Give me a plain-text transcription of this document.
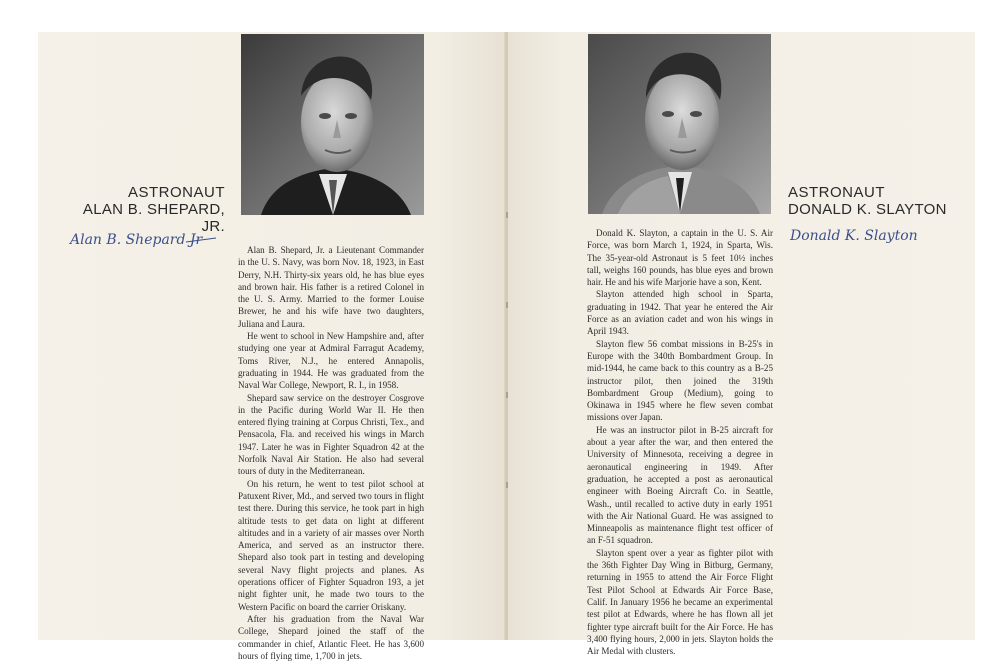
ASTRONAUT
ALAN B. SHEPARD, JR.
Alan B. Shepard Jr

Alan B. Shepard, Jr. a Lieutenant Commander in the U. S. Navy, was born Nov. 18, 1923, in East Derry, N.H. Thirty-six years old, he has blue eyes and brown hair. His father is a retired Colonel in the U. S. Army. Married to the former Louise Brewer, he and his wife have two daughters, Juliana and Laura.

He went to school in New Hampshire and, after studying one year at Admiral Farragut Academy, Toms River, N.J., he entered Annapolis, graduating in 1944. He was graduated from the Naval War College, Newport, R. I., in 1958.

Shepard saw service on the destroyer Cosgrove in the Pacific during World War II. He then entered flying training at Corpus Christi, Tex., and Pensacola, Fla. and received his wings in March 1947. Later he was in Fighter Squadron 42 at the Norfolk Naval Air Station. He also had several tours of duty in the Mediterranean.

On his return, he went to test pilot school at Patuxent River, Md., and served two tours in flight test there. During this service, he took part in high altitude tests to get data on light at different altitudes and in a variety of air masses over North America, and served as an instructor there. Shepard also took part in testing and developing several Navy flight projects and planes. As operations officer of Fighter Squadron 193, a jet night fighter unit, he made two tours to the Western Pacific on board the carrier Oriskany.

After his graduation from the Naval War College, Shepard joined the staff of the commander in chief, Atlantic Fleet. He has 3,600 hours of flying time, 1,700 in jets.

ASTRONAUT
DONALD K. SLAYTON
Donald K. Slayton

Donald K. Slayton, a captain in the U. S. Air Force, was born March 1, 1924, in Sparta, Wis. The 35-year-old Astronaut is 5 feet 10½ inches tall, weighs 160 pounds, has blue eyes and brown hair. He and his wife Marjorie have a son, Kent.

Slayton attended high school in Sparta, graduating in 1942. That year he entered the Air Force as an aviation cadet and won his wings in April 1943.

Slayton flew 56 combat missions in B-25's in Europe with the 340th Bombardment Group. In mid-1944, he came back to this country as a B-25 instructor pilot, then joined the 319th Bombardment Group (Medium), going to Okinawa in 1945 where he flew seven combat missions over Japan.

He was an instructor pilot in B-25 aircraft for about a year after the war, and then entered the University of Minnesota, receiving a degree in aeronautical engineering in 1949. After graduation, he accepted a post as aeronautical engineer with Boeing Aircraft Co. in Seattle, Wash., until recalled to active duty in early 1951 with the Air National Guard. He was assigned to Minneapolis as maintenance flight test officer of an F-51 squadron.

Slayton spent over a year as fighter pilot with the 36th Fighter Day Wing in Bitburg, Germany, returning in 1955 to attend the Air Force Flight Test Pilot School at Edwards Air Force Base, Calif. In January 1956 he became an experimental test pilot at Edwards, where he has flown all jet fighter type aircraft built for the Air Force. He has 3,400 flying hours, 2,000 in jets. Slayton holds the Air Medal with clusters.
